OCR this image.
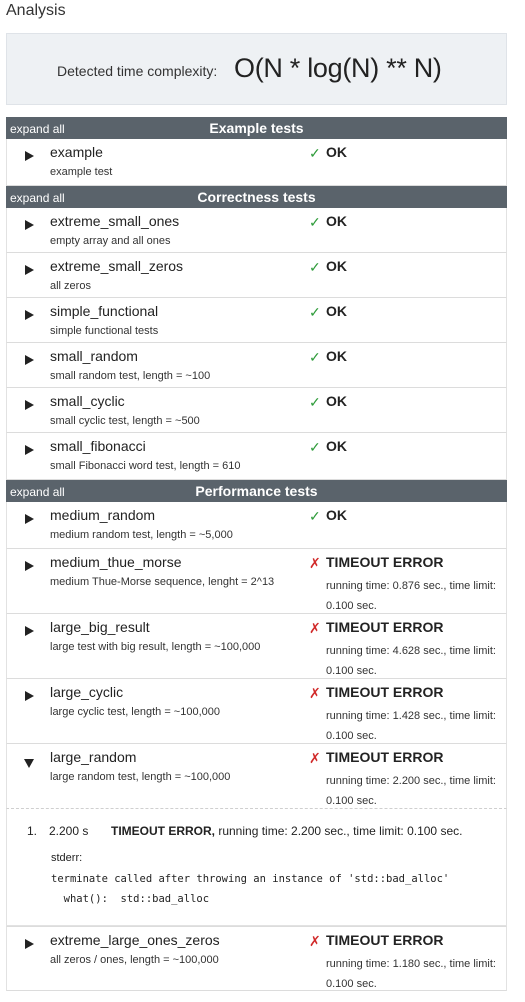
Analysis
Detected time complexity: O(N * log(N) ** N)
expand all	Example tests
example
example test
✓ OK
expand all	Correctness tests
extreme_small_ones
empty array and all ones
✓ OK
extreme_small_zeros
all zeros
✓ OK
simple_functional
simple functional tests
✓ OK
small_random
small random test, length = ~100
✓ OK
small_cyclic
small cyclic test, length = ~500
✓ OK
small_fibonacci
small Fibonacci word test, length = 610
✓ OK
expand all	Performance tests
medium_random
medium random test, length = ~5,000
✓ OK
medium_thue_morse
medium Thue-Morse sequence, lenght = 2^13
✗ TIMEOUT ERROR
running time: 0.876 sec., time limit: 0.100 sec.
large_big_result
large test with big result, length = ~100,000
✗ TIMEOUT ERROR
running time: 4.628 sec., time limit: 0.100 sec.
large_cyclic
large cyclic test, length = ~100,000
✗ TIMEOUT ERROR
running time: 1.428 sec., time limit: 0.100 sec.
large_random
large random test, length = ~100,000
✗ TIMEOUT ERROR
running time: 2.200 sec., time limit: 0.100 sec.
1. 2.200 s TIMEOUT ERROR, running time: 2.200 sec., time limit: 0.100 sec.
stderr:
terminate called after throwing an instance of 'std::bad_alloc'
what():  std::bad_alloc
extreme_large_ones_zeros
all zeros / ones, length = ~100,000
✗ TIMEOUT ERROR
running time: 1.180 sec., time limit: 0.100 sec.
